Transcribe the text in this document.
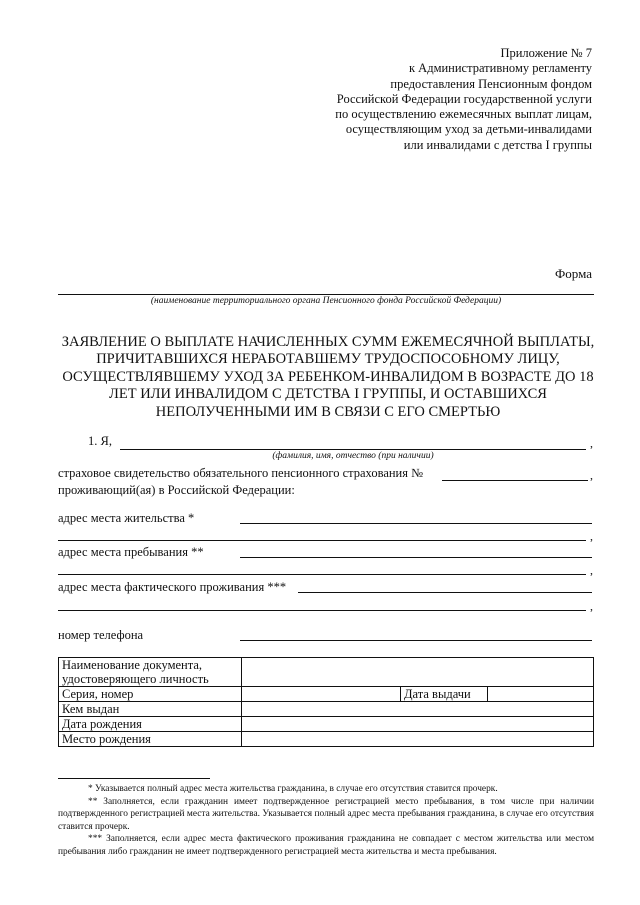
Приложение № 7
к Административному регламенту
предоставления Пенсионным фондом
Российской Федерации государственной услуги
по осуществлению ежемесячных выплат лицам,
осуществляющим уход за детьми-инвалидами
или инвалидами с детства I группы
Форма
(наименование территориального органа Пенсионного фонда Российской Федерации)
ЗАЯВЛЕНИЕ О ВЫПЛАТЕ НАЧИСЛЕННЫХ СУММ ЕЖЕМЕСЯЧНОЙ ВЫПЛАТЫ,
ПРИЧИТАВШИХСЯ НЕРАБОТАВШЕМУ ТРУДОСПОСОБНОМУ ЛИЦУ,
ОСУЩЕСТВЛЯВШЕМУ УХОД ЗА РЕБЕНКОМ-ИНВАЛИДОМ В ВОЗРАСТЕ ДО 18
ЛЕТ ИЛИ ИНВАЛИДОМ С ДЕТСТВА I ГРУППЫ, И ОСТАВШИХСЯ
НЕПОЛУЧЕННЫМИ ИМ В СВЯЗИ С ЕГО СМЕРТЬЮ
1. Я,	,
(фамилия, имя, отчество (при наличии)
страховое свидетельство обязательного пенсионного страхования №	,
проживающий(ая) в Российской Федерации:
адрес места жительства *
,
адрес места пребывания **
,
адрес места фактического проживания ***
,
номер телефона
Наименование документа, удостоверяющего личность			
Серия, номер		Дата выдачи	
Кем выдан			
Дата рождения			
Место рождения			

* Указывается полный адрес места жительства гражданина, в случае его отсутствия ставится прочерк.

** Заполняется, если гражданин имеет подтвержденное регистрацией место пребывания, в том числе при наличии подтвержденного регистрацией места жительства. Указывается полный адрес места пребывания гражданина, в случае его отсутствия ставится прочерк.

*** Заполняется, если адрес места фактического проживания гражданина не совпадает с местом жительства или местом пребывания либо гражданин не имеет подтвержденного регистрацией места жительства и места пребывания.
